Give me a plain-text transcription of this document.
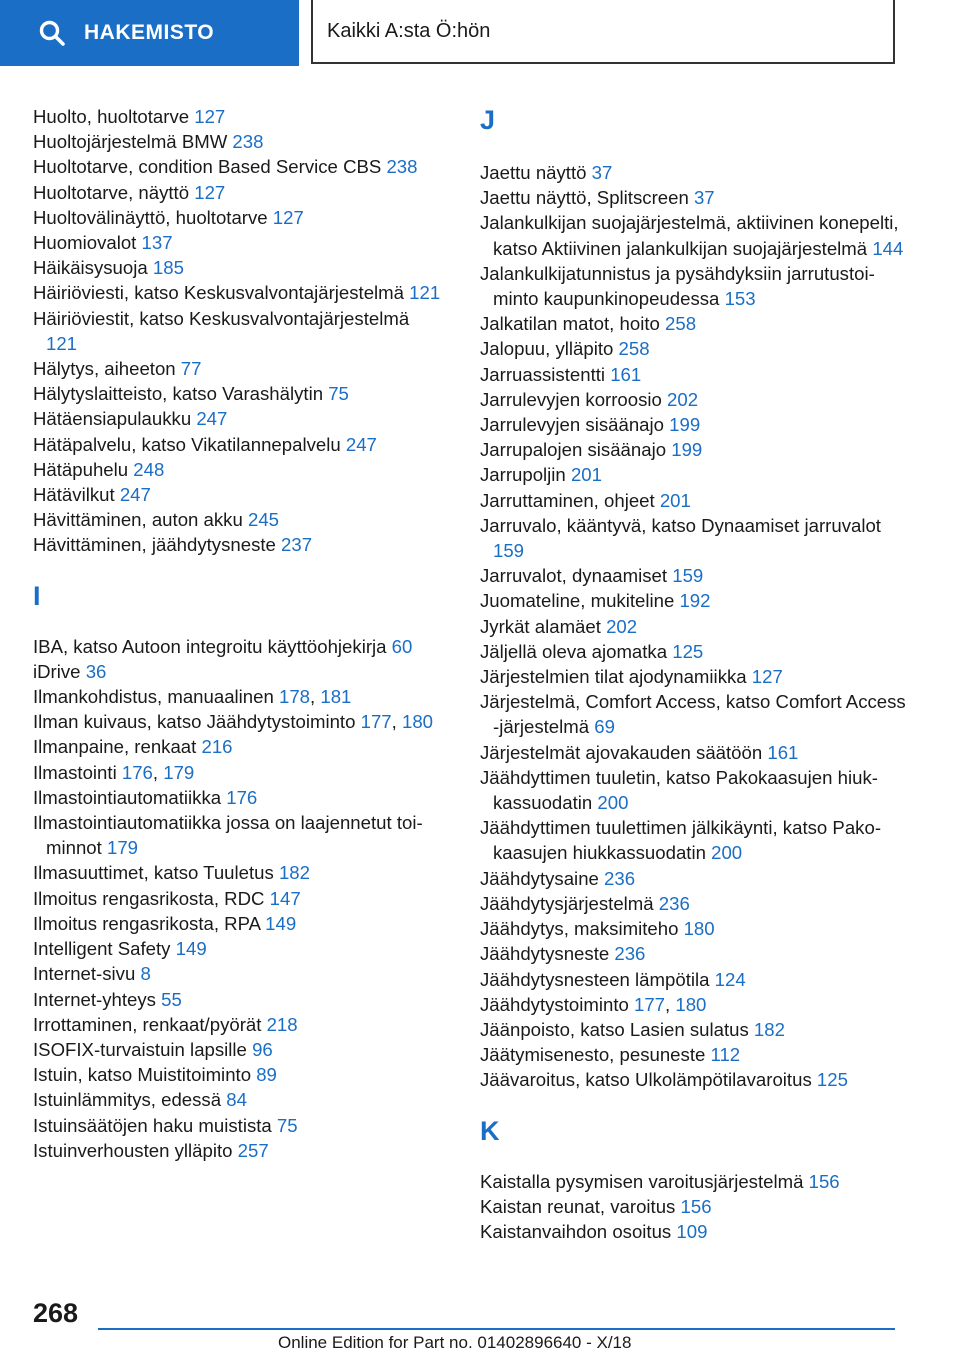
HAKEMISTO	Kaikki A:sta Ö:hön
Huolto, huoltotarve 127
Huoltojärjestelmä BMW 238
Huoltotarve, condition Based Service CBS 238
Huoltotarve, näyttö 127
Huoltovälinäyttö, huoltotarve 127
Huomiovalot 137
Häikäisysuoja 185
Häiriöviesti, katso Keskusvalvontajärjestelmä 121
Häiriöviestit, katso Keskusvalvontajärjestelmä 121
Hälytys, aiheeton 77
Hälytyslaitteisto, katso Varashälytin 75
Hätäensiapulaukku 247
Hätäpalvelu, katso Vikatilannepalvelu 247
Hätäpuhelu 248
Hätävilkut 247
Hävittäminen, auton akku 245
Hävittäminen, jäähdytysneste 237
I
IBA, katso Autoon integroitu käyttöohjekirja 60
iDrive 36
Ilmankohdistus, manuaalinen 178, 181
Ilman kuivaus, katso Jäähdytystoiminto 177, 180
Ilmanpaine, renkaat 216
Ilmastointi 176, 179
Ilmastointiautomatiikka 176
Ilmastointiautomatiikka jossa on laajennetut toiminnot 179
Ilmasuuttimet, katso Tuuletus 182
Ilmoitus rengasrikosta, RDC 147
Ilmoitus rengasrikosta, RPA 149
Intelligent Safety 149
Internet-sivu 8
Internet-yhteys 55
Irrottaminen, renkaat/pyörät 218
ISOFIX-turvaistuin lapsille 96
Istuin, katso Muistitoiminto 89
Istuinlämmitys, edessä 84
Istuinsäätöjen haku muistista 75
Istuinverhousten ylläpito 257
J
Jaettu näyttö 37
Jaettu näyttö, Splitscreen 37
Jalankulkijan suojajärjestelmä, aktiivinen konepelti, katso Aktiivinen jalankulkijan suojajärjestelmä 144
Jalankulkijatunnistus ja pysähdyksiin jarrutustoiminto kaupunkinopeudessa 153
Jalkatilan matot, hoito 258
Jalopuu, ylläpito 258
Jarruassistentti 161
Jarrulevyjen korroosio 202
Jarrulevyjen sisäänajo 199
Jarrupalojen sisäänajo 199
Jarrupoljin 201
Jarruttaminen, ohjeet 201
Jarruvalo, kääntyvä, katso Dynaamiset jarruvalot 159
Jarruvalot, dynaamiset 159
Juomateline, mukiteline 192
Jyrkät alamäet 202
Jäljellä oleva ajomatka 125
Järjestelmien tilat ajodynamiikka 127
Järjestelmä, Comfort Access, katso Comfort Access -järjestelmä 69
Järjestelmät ajovakauden säätöön 161
Jäähdyttimen tuuletin, katso Pakokaasujen hiukkassuodatin 200
Jäähdyttimen tuulettimen jälkikäynti, katso Pakokaasujen hiukkassuodatin 200
Jäähdytysaine 236
Jäähdytysjärjestelmä 236
Jäähdytys, maksimiteho 180
Jäähdytysneste 236
Jäähdytysnesteen lämpötila 124
Jäähdytystoiminto 177, 180
Jäänpoisto, katso Lasien sulatus 182
Jäätymisenesto, pesuneste 112
Jäävaroitus, katso Ulkolämpötilavaroitus 125
K
Kaistalla pysymisen varoitusjärjestelmä 156
Kaistan reunat, varoitus 156
Kaistanvaihdon osoitus 109
268
Online Edition for Part no. 01402896640 - X/18
